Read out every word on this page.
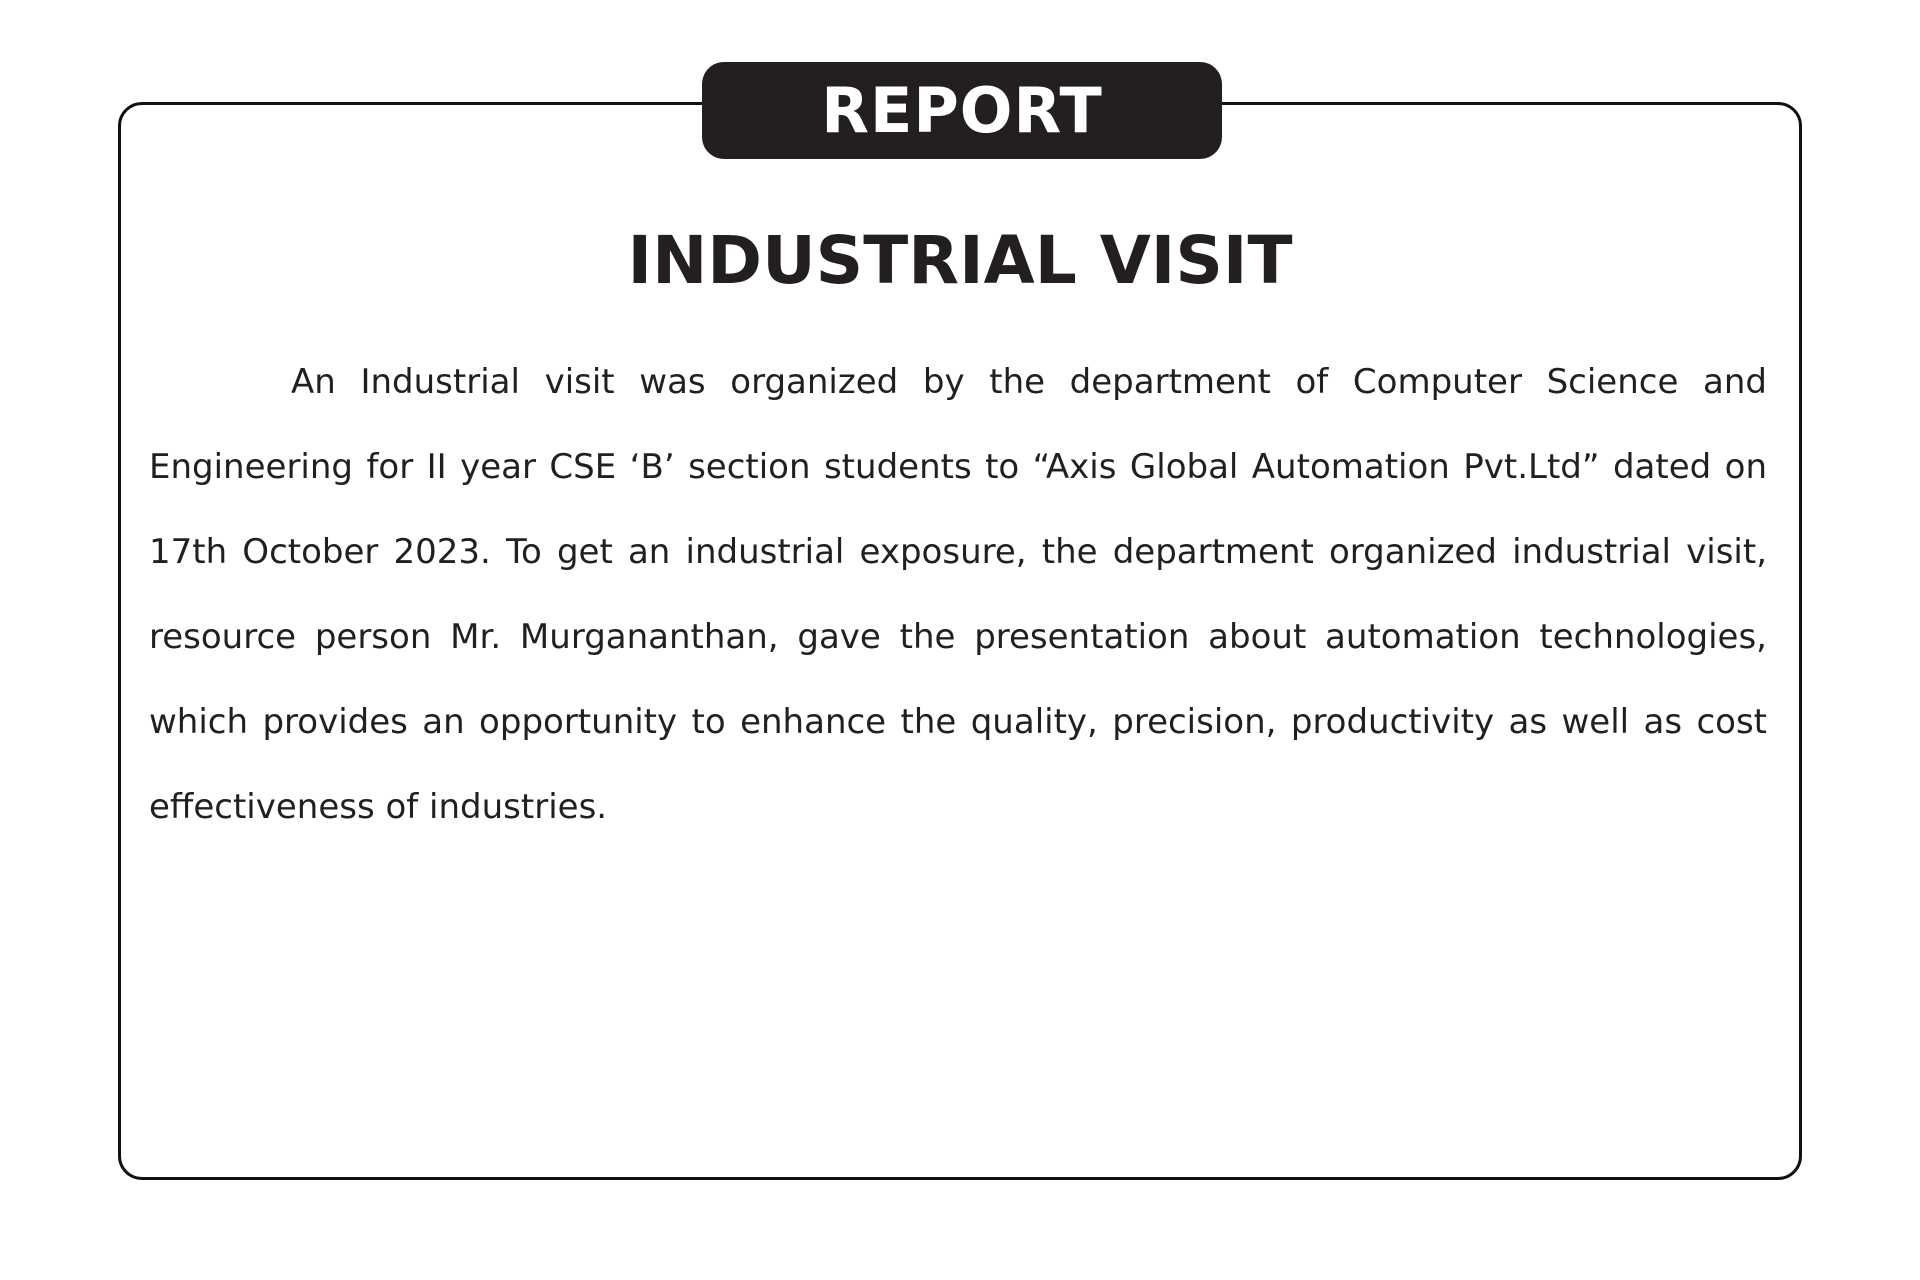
REPORT
INDUSTRIAL VISIT

An Industrial visit was organized by the department of Computer Science and Engineering for II year CSE ‘B’ section students to “Axis Global Automation Pvt.Ltd” dated on 17th October 2023. To get an industrial exposure, the department organized industrial visit, resource person Mr. Murgananthan, gave the presentation about automation technologies, which provides an opportunity to enhance the quality, precision, productivity as well as cost effectiveness of industries.
